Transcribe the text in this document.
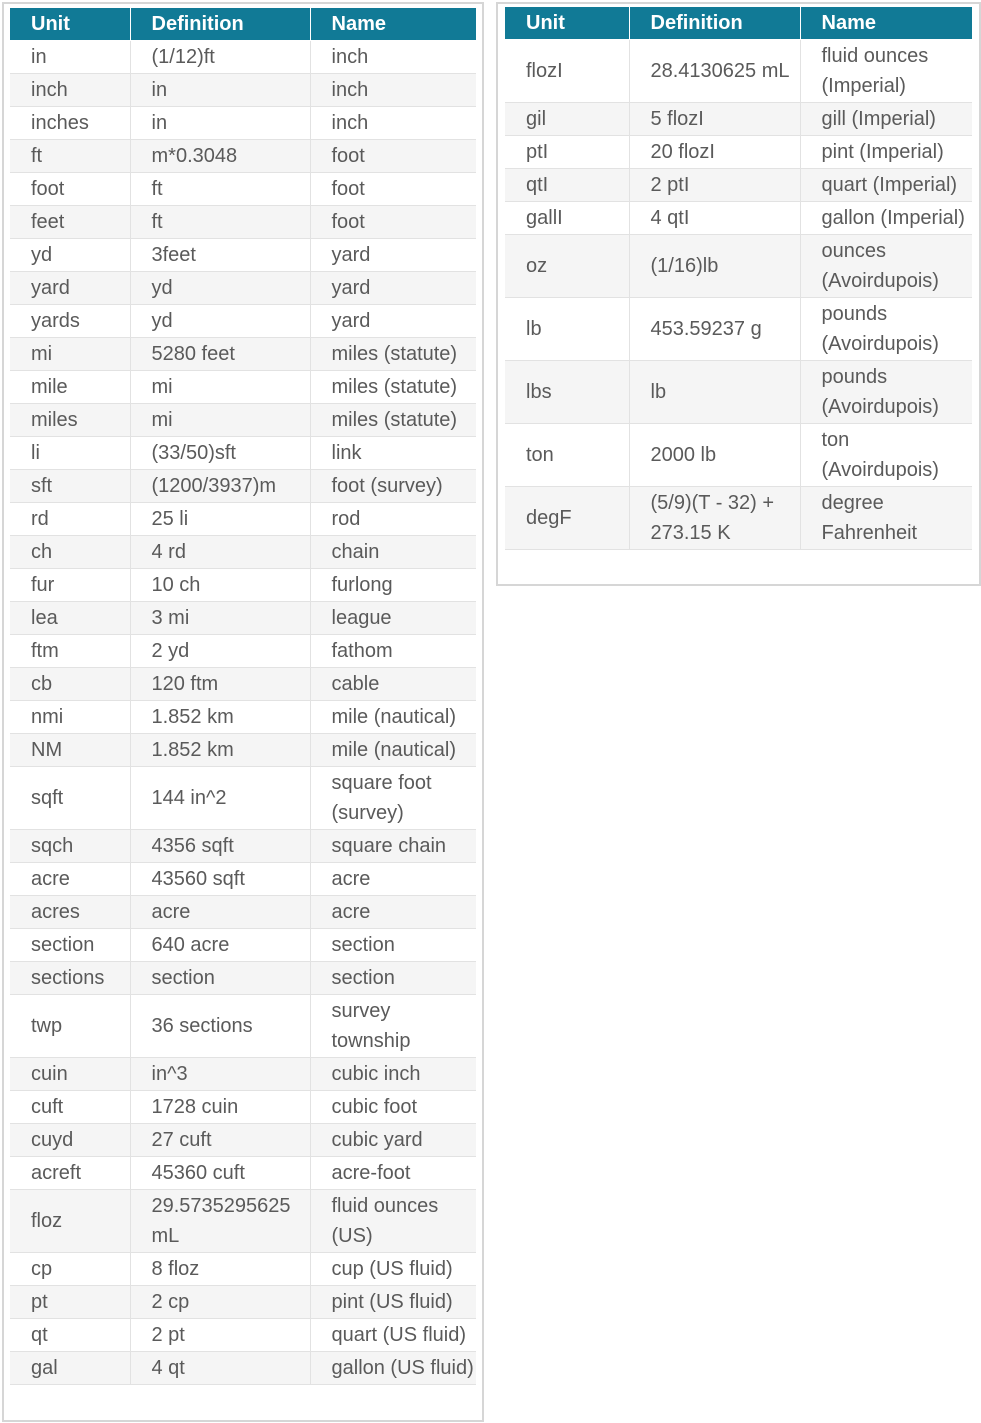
Unit	Definition	Name
in	(1/12)ft	inch
inch	in	inch
inches	in	inch
ft	m*0.3048	foot
foot	ft	foot
feet	ft	foot
yd	3feet	yard
yard	yd	yard
yards	yd	yard
mi	5280 feet	miles (statute)
mile	mi	miles (statute)
miles	mi	miles (statute)
li	(33/50)sft	link
sft	(1200/3937)m	foot (survey)
rd	25 li	rod
ch	4 rd	chain
fur	10 ch	furlong
lea	3 mi	league
ftm	2 yd	fathom
cb	120 ftm	cable
nmi	1.852 km	mile (nautical)
NM	1.852 km	mile (nautical)
sqft	144 in^2	square foot (survey)
sqch	4356 sqft	square chain
acre	43560 sqft	acre
acres	acre	acre
section	640 acre	section
sections	section	section
twp	36 sections	survey township
cuin	in^3	cubic inch
cuft	1728 cuin	cubic foot
cuyd	27 cuft	cubic yard
acreft	45360 cuft	acre-foot
floz	29.5735295625 mL	fluid ounces (US)
cp	8 floz	cup (US fluid)
pt	2 cp	pint (US fluid)
qt	2 pt	quart (US fluid)
gal	4 qt	gallon (US fluid)
Unit	Definition	Name
flozI	28.4130625 mL	fluid ounces (Imperial)
gil	5 flozI	gill (Imperial)
ptI	20 flozI	pint (Imperial)
qtI	2 ptI	quart (Imperial)
gallI	4 qtI	gallon (Imperial)
oz	(1/16)lb	ounces (Avoirdupois)
lb	453.59237 g	pounds (Avoirdupois)
lbs	lb	pounds (Avoirdupois)
ton	2000 lb	ton (Avoirdupois)
degF	(5/9)(T - 32) + 273.15 K	degree Fahrenheit
